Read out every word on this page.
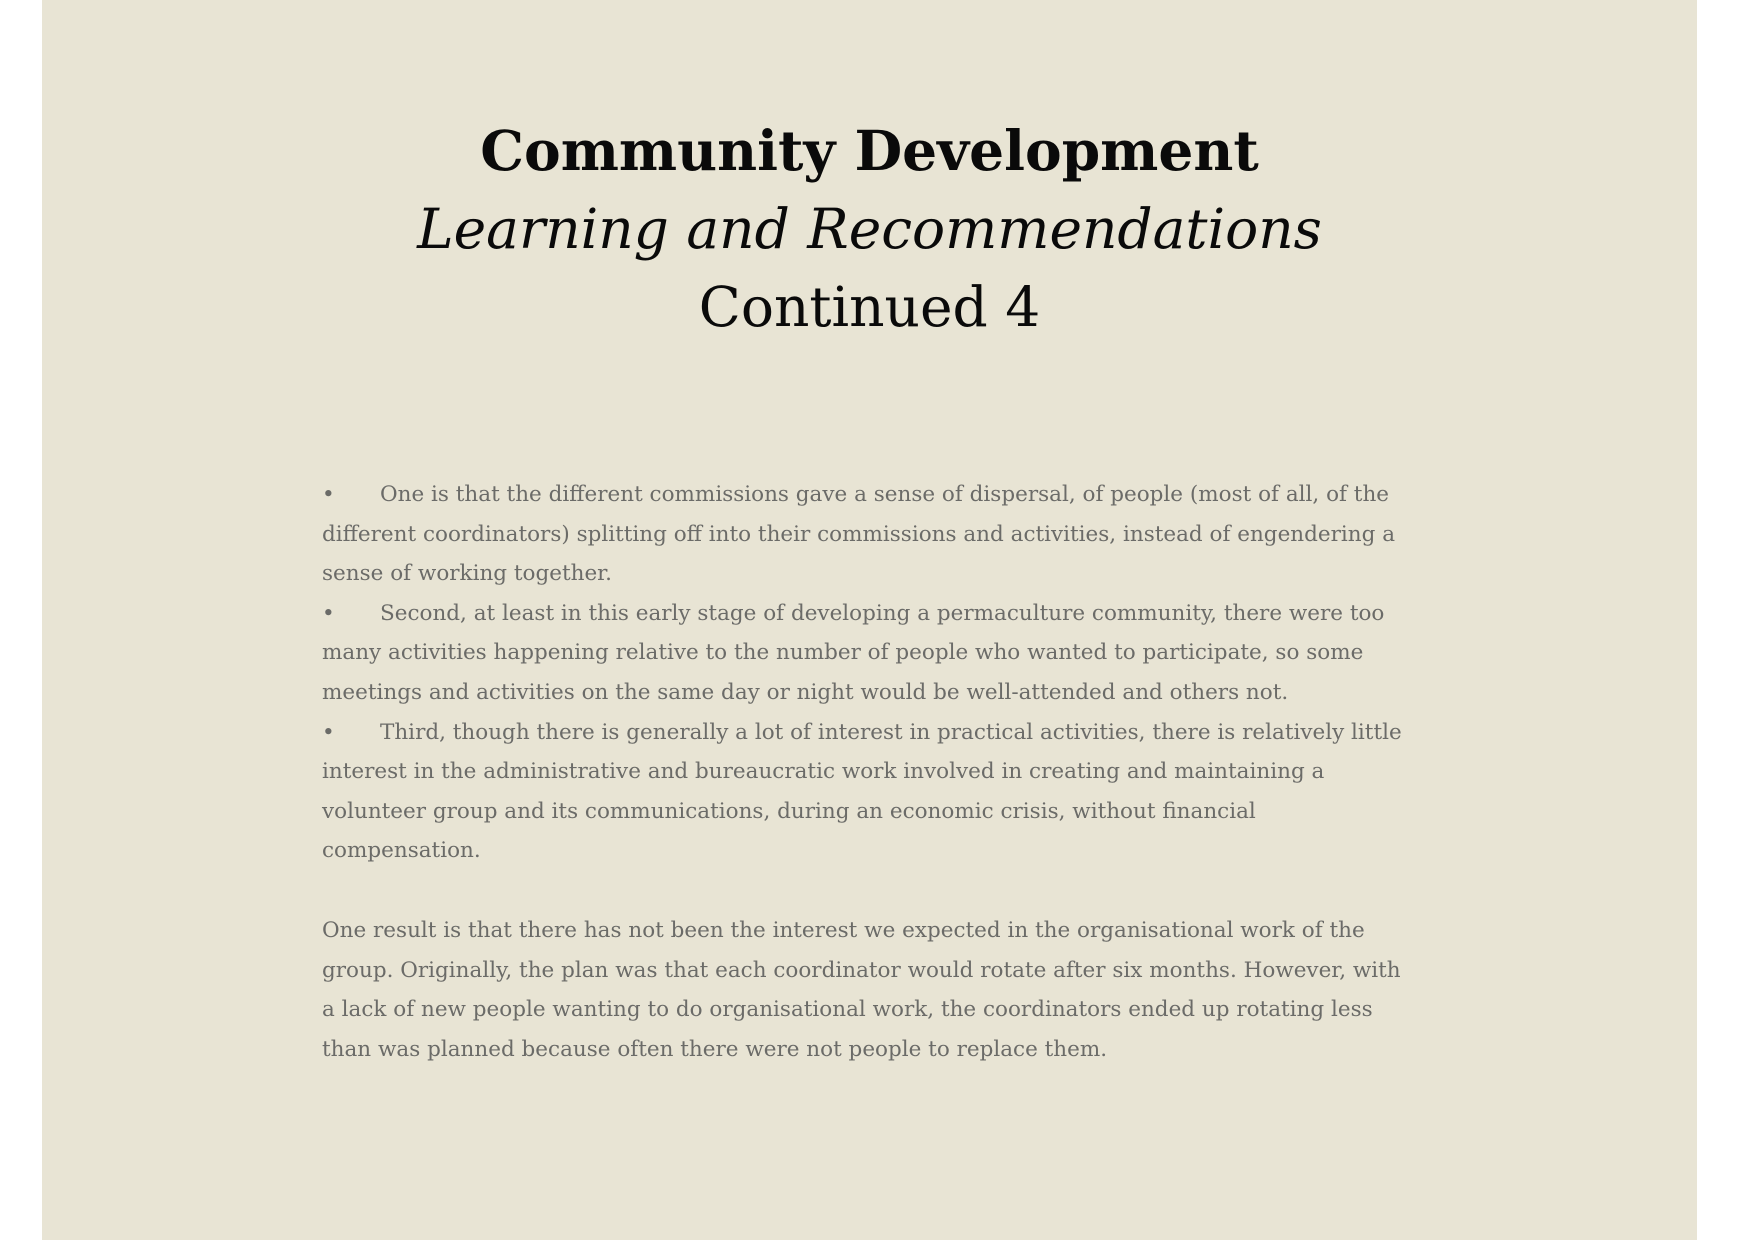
Community Development
Learning and Recommendations
Continued 4

• One is that the different commissions gave a sense of dispersal, of people (most of all, of the different coordinators) splitting off into their commissions and activities, instead of engendering a sense of working together.

• Second, at least in this early stage of developing a permaculture community, there were too many activities happening relative to the number of people who wanted to participate, so some meetings and activities on the same day or night would be well-attended and others not.

• Third, though there is generally a lot of interest in practical activities, there is relatively little interest in the administrative and bureaucratic work involved in creating and maintaining a volunteer group and its communications, during an economic crisis, without financial compensation.

One result is that there has not been the interest we expected in the organisational work of the group. Originally, the plan was that each coordinator would rotate after six months. However, with a lack of new people wanting to do organisational work, the coordinators ended up rotating less than was planned because often there were not people to replace them.
